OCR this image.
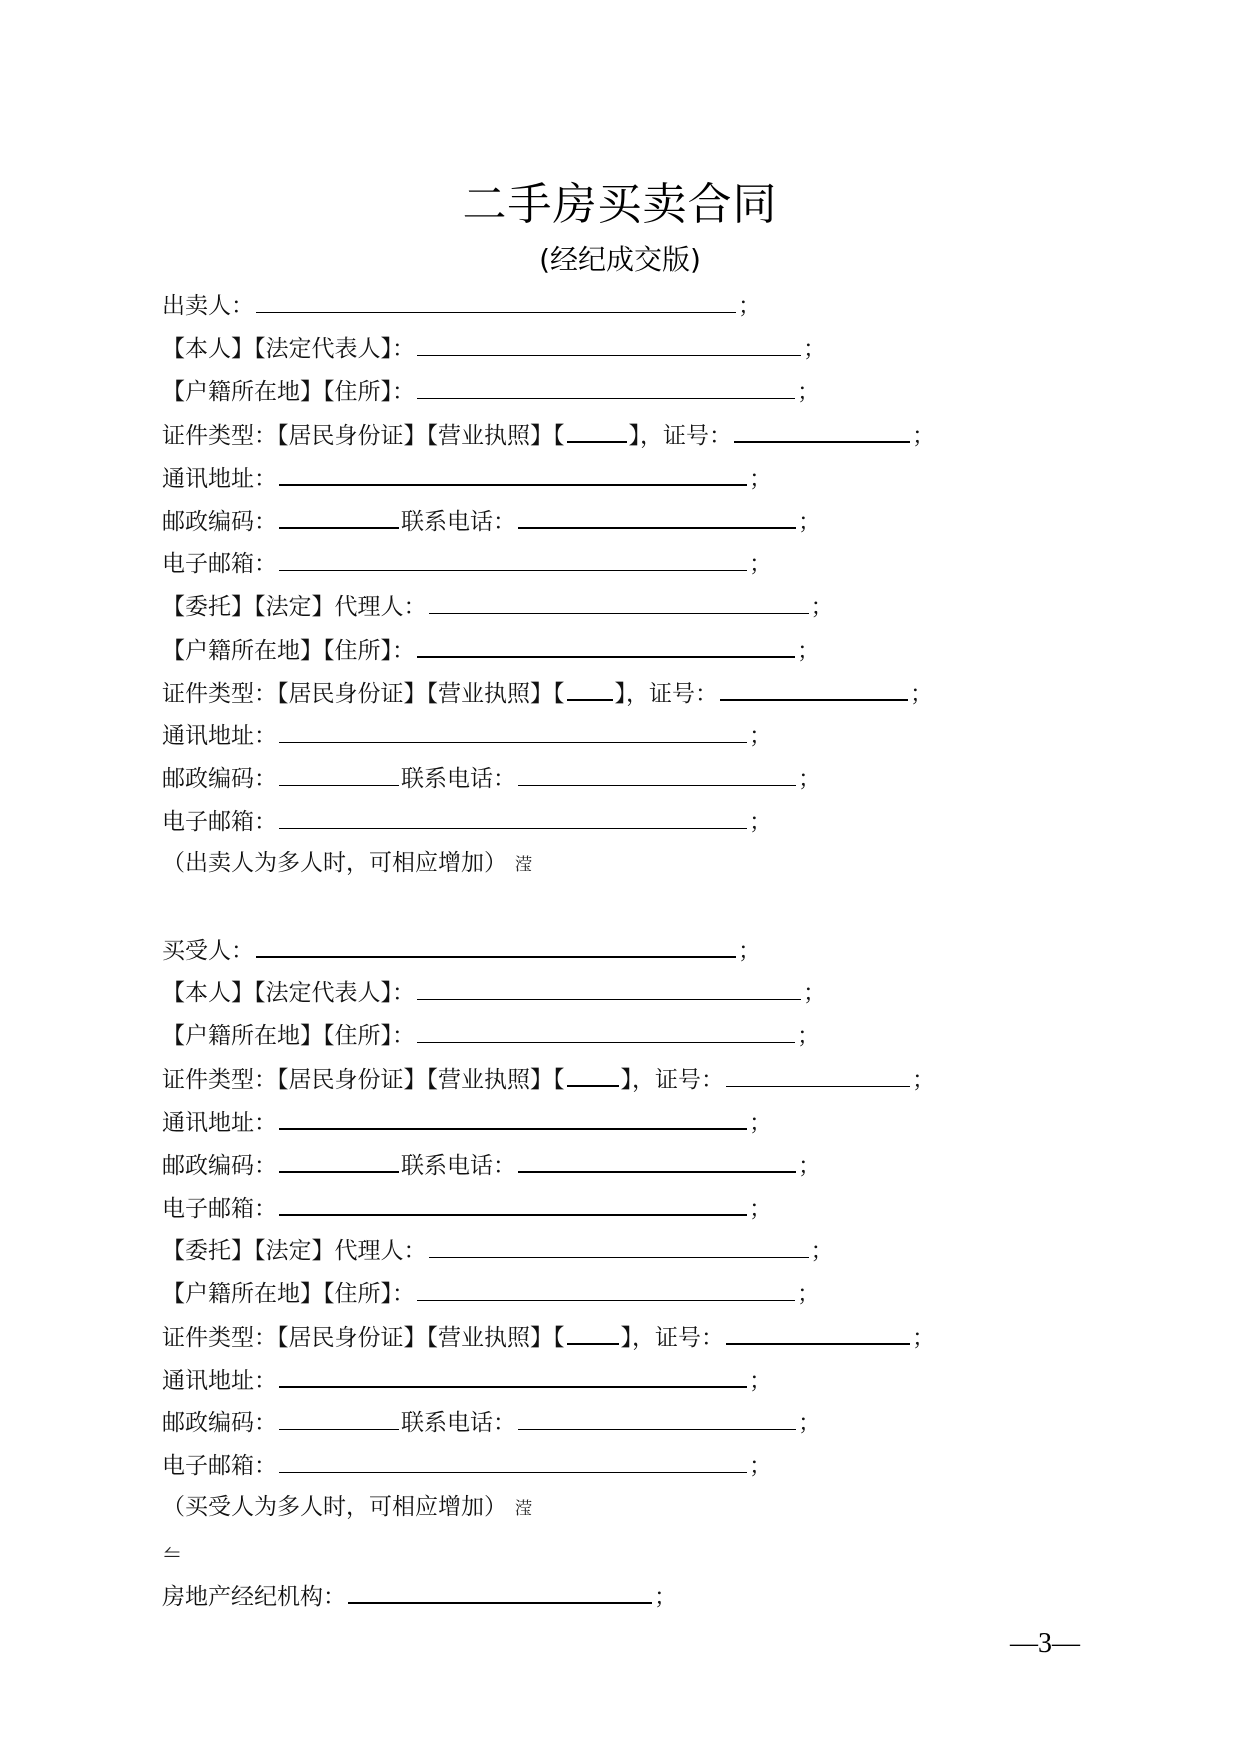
二手房买卖合同
(经纪成交版)
出卖人：	；
【本人】【法定代表人】：	；
【户籍所在地】【住所】：	；
证件类型：【居民身份证】【营业执照】【	】，证号：	；
通讯地址：	；
邮政编码：	联系电话：	；
电子邮箱：	；
【委托】【法定】代理人：	；
【户籍所在地】【住所】：	；
证件类型：【居民身份证】【营业执照】【 】，证号：	；
通讯地址：	；
邮政编码：	联系电话：	；
电子邮箱：	；
（出卖人为多人时，可相应增加） 滢
买受人：	；
【本人】【法定代表人】：	；
【户籍所在地】【住所】：	；
证件类型：【居民身份证】【营业执照】【 】，证号：	；
通讯地址：	；
邮政编码：	联系电话：	；
电子邮箱：	；
【委托】【法定】代理人：	；
【户籍所在地】【住所】：	；
证件类型：【居民身份证】【营业执照】【 】，证号：	；
通讯地址：	；
邮政编码：	联系电话：	；
电子邮箱：	；
（买受人为多人时，可相应增加） 滢
⥪
房地产经纪机构：	；
—3—
